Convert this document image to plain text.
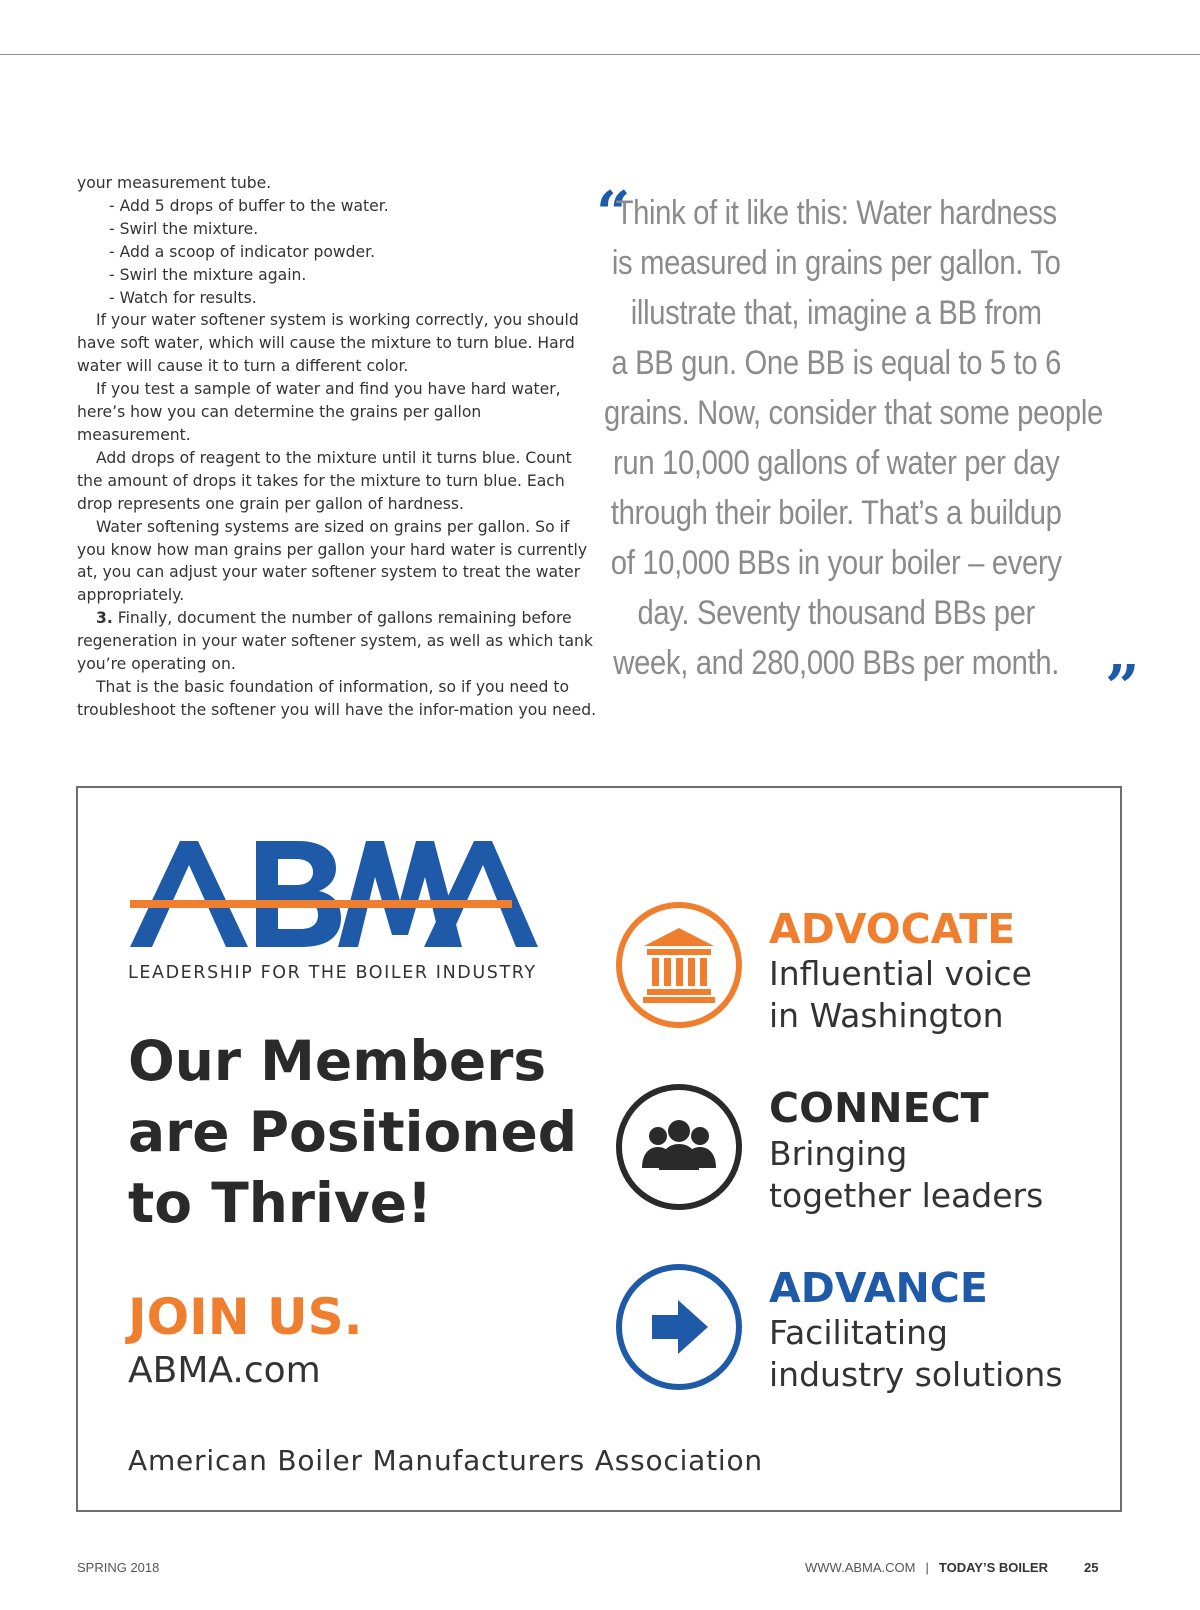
your measurement tube.

- Add 5 drops of buffer to the water.

- Swirl the mixture.

- Add a scoop of indicator powder.

- Swirl the mixture again.

- Watch for results.

If your water softener system is working correctly, you should have soft water, which will cause the mixture to turn blue. Hard water will cause it to turn a different color.

If you test a sample of water and find you have hard water, here’s how you can determine the grains per gallon measurement.

Add drops of reagent to the mixture until it turns blue. Count the amount of drops it takes for the mixture to turn blue. Each drop represents one grain per gallon of hardness.

Water softening systems are sized on grains per gallon. So if you know how man grains per gallon your hard water is currently at, you can adjust your water softener system to treat the water appropriately.

3. Finally, document the number of gallons remaining before regeneration in your water softener system, as well as which tank you’re operating on.

That is the basic foundation of information, so if you need to troubleshoot the softener you will have the infor-mation you need.

“
Think of it like this: Water hardness
is measured in grains per gallon. To
illustrate that, imagine a BB from
a BB gun. One BB is equal to 5 to 6
grains. Now, consider that some people
run 10,000 gallons of water per day
through their boiler. That’s a buildup
of 10,000 BBs in your boiler – every
day. Seventy thousand BBs per
week, and 280,000 BBs per month. ”
®
LEADERSHIP FOR THE BOILER INDUSTRY
Our Members
are Positioned
to Thrive!
JOIN US.
ABMA.com
American Boiler Manufacturers Association
ADVOCATE
Influential voice
in Washington
CONNECT
Bringing
together leaders
ADVANCE
Facilitating
industry solutions
SPRING 2018	WWW.ABMA.COM | TODAY’S BOILER	25
